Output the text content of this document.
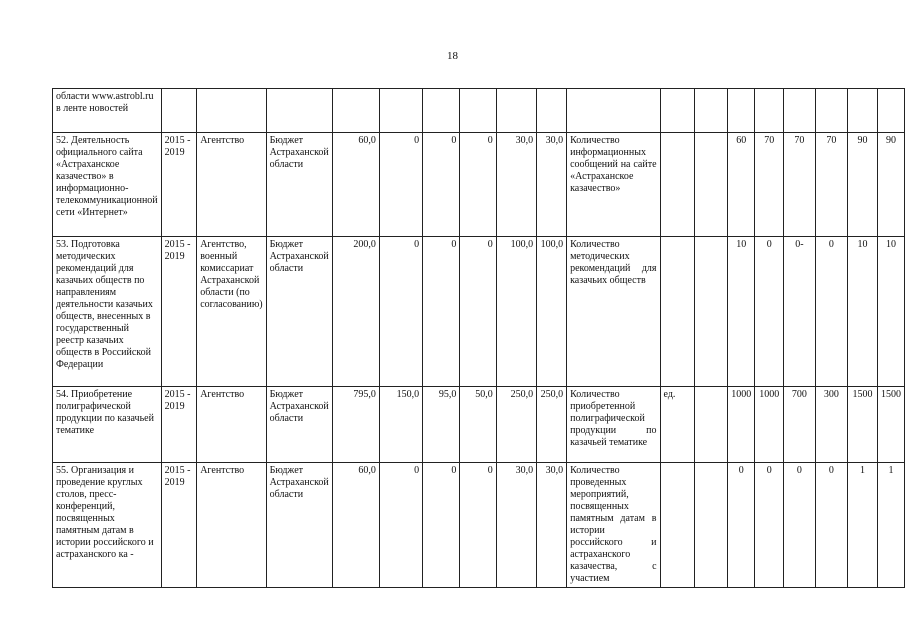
18
области www.astrobl.ru в ленте новостей																		
52. Деятельность официального сайта «Астраханское казачество» в информационно-телекоммуникационной сети «Интернет»	2015 - 2019	Агентство	Бюджет Астраханской области	60,0	0	0	0	30,0	30,0	Количество информационных сообщений на сайте «Астраханское казачество»			60	70	70	70	90	90
53. Подготовка методических рекомендаций для казачьих обществ по направлениям деятельности казачьих обществ, внесенных в государственный реестр казачьих обществ в Российской Федерации	2015 - 2019	Агентство, военный комиссариат Астраханской области (по согласованию)	Бюджет Астраханской области	200,0	0	0	0	100,0	100,0	Количество методических рекомендаций для казачьих обществ			10	0	0-	0	10	10
54. Приобретение полиграфической продукции по казачьей тематике	2015 - 2019	Агентство	Бюджет Астраханской области	795,0	150,0	95,0	50,0	250,0	250,0	Количество приобретенной полиграфической продукции по казачьей тематике	ед.		1000	1000	700	300	1500	1500
55. Организация и проведение круглых столов, пресс-конференций, посвященных памятным датам в истории российского и астраханского ка -	2015 - 2019	Агентство	Бюджет Астраханской области	60,0	0	0	0	30,0	30,0	Количество проведенных мероприятий, посвященных памятным датам в истории российского и астраханского казачества, с участием			0	0	0	0	1	1
